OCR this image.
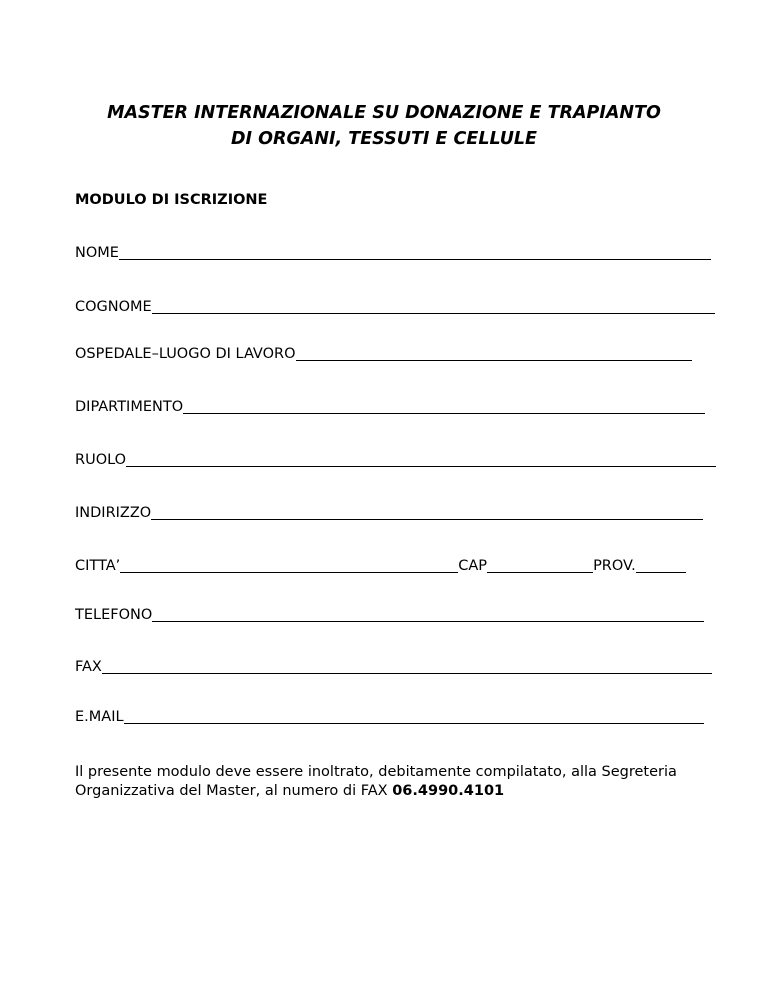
MASTER INTERNAZIONALE SU DONAZIONE E TRAPIANTO
DI ORGANI, TESSUTI E CELLULE
MODULO DI ISCRIZIONE
NOME
COGNOME
OSPEDALE–LUOGO DI LAVORO
DIPARTIMENTO
RUOLO
INDIRIZZO
CITTA’	CAP	PROV.
TELEFONO
FAX
E.MAIL
Il presente modulo deve essere inoltrato, debitamente compilatato, alla Segreteria Organizzativa del Master, al numero di FAX 06.4990.4101
